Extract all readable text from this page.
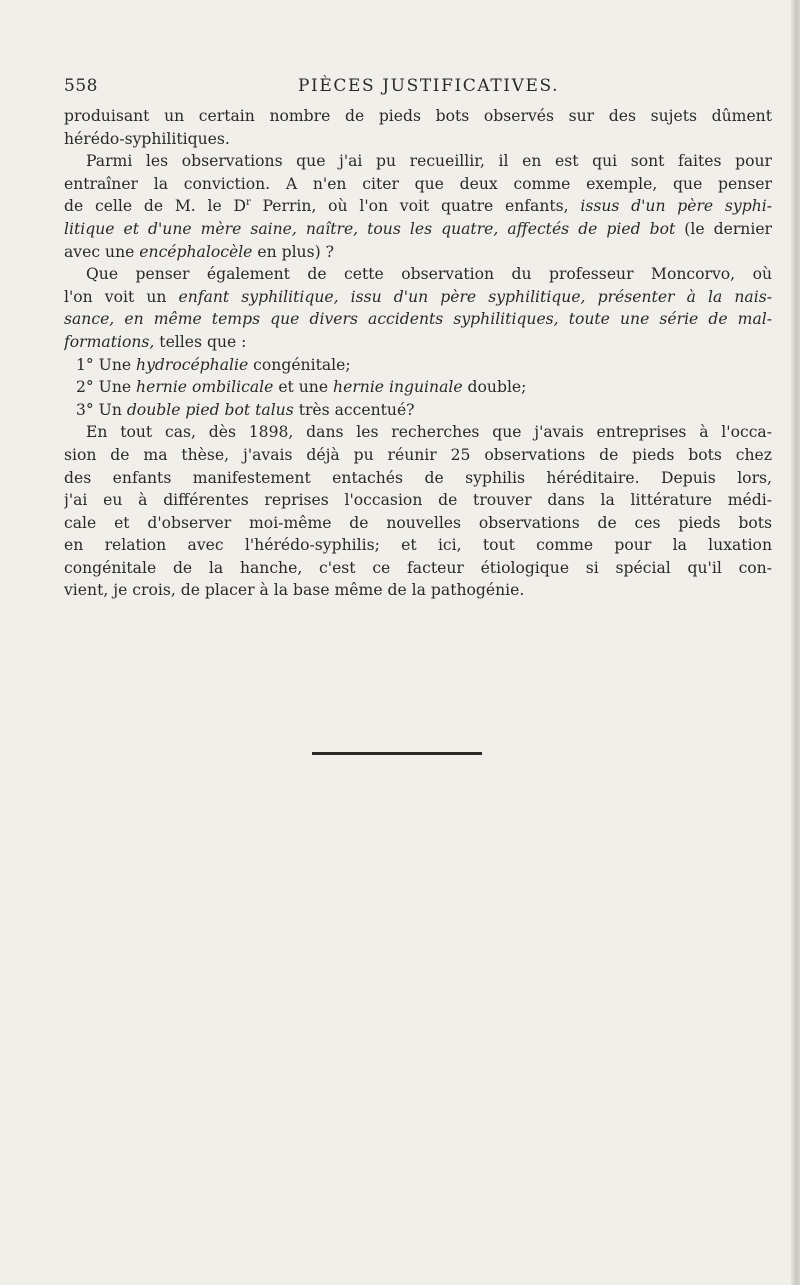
558	PIÈCES JUSTIFICATIVES.
produisant un certain nombre de pieds bots observés sur des sujets dûment
hérédo-syphilitiques.
Parmi les observations que j'ai pu recueillir, il en est qui sont faites pour
entraîner la conviction. A n'en citer que deux comme exemple, que penser
de celle de M. le $D^r$ Perrin, où l'on voit quatre enfants, issus d'un père syphi-
litique et d'une mère saine, naître, tous les quatre, affectés de pied bot (le dernier
avec une encéphalocèle en plus) ?
Que penser également de cette observation du professeur Moncorvo, où
l'on voit un enfant syphilitique, issu d'un père syphilitique, présenter à la nais-
sance, en même temps que divers accidents syphilitiques, toute une série de mal-
formations, telles que :
1° Une hydrocéphalie congénitale;
2° Une hernie ombilicale et une hernie inguinale double;
3° Un double pied bot talus très accentué?
En tout cas, dès 1898, dans les recherches que j'avais entreprises à l'occa-
sion de ma thèse, j'avais déjà pu réunir 25 observations de pieds bots chez
des enfants manifestement entachés de syphilis héréditaire. Depuis lors,
j'ai eu à différentes reprises l'occasion de trouver dans la littérature médi-
cale et d'observer moi-même de nouvelles observations de ces pieds bots
en relation avec l'hérédo-syphilis; et ici, tout comme pour la luxation
congénitale de la hanche, c'est ce facteur étiologique si spécial qu'il con-
vient, je crois, de placer à la base même de la pathogénie.
